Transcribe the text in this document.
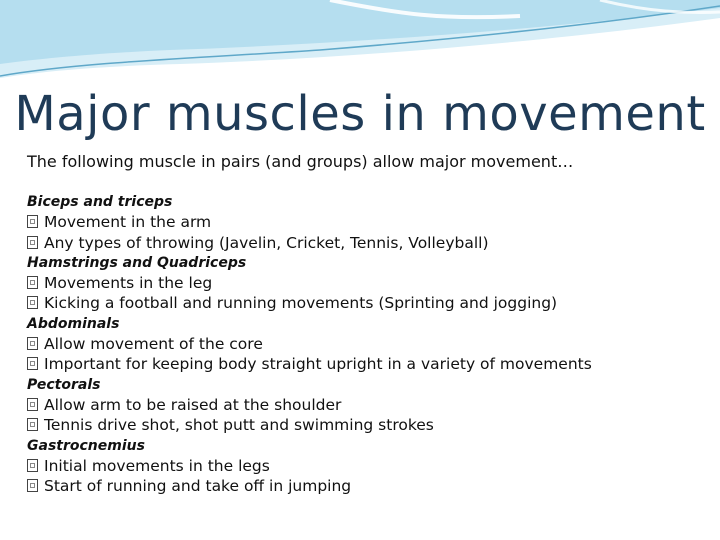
Major muscles in movement

The following muscle in pairs (and groups) allow major movement…

Biceps and triceps

Movement in the arm

Any types of throwing (Javelin, Cricket, Tennis, Volleyball)

Hamstrings and Quadriceps

Movements in the leg

Kicking a football and running movements (Sprinting and jogging)

Abdominals

Allow movement of the core

Important for keeping body straight upright in a variety of movements

Pectorals

Allow arm to be raised at the shoulder

Tennis drive shot, shot putt and swimming strokes

Gastrocnemius

Initial movements in the legs

Start of running and take off in jumping
